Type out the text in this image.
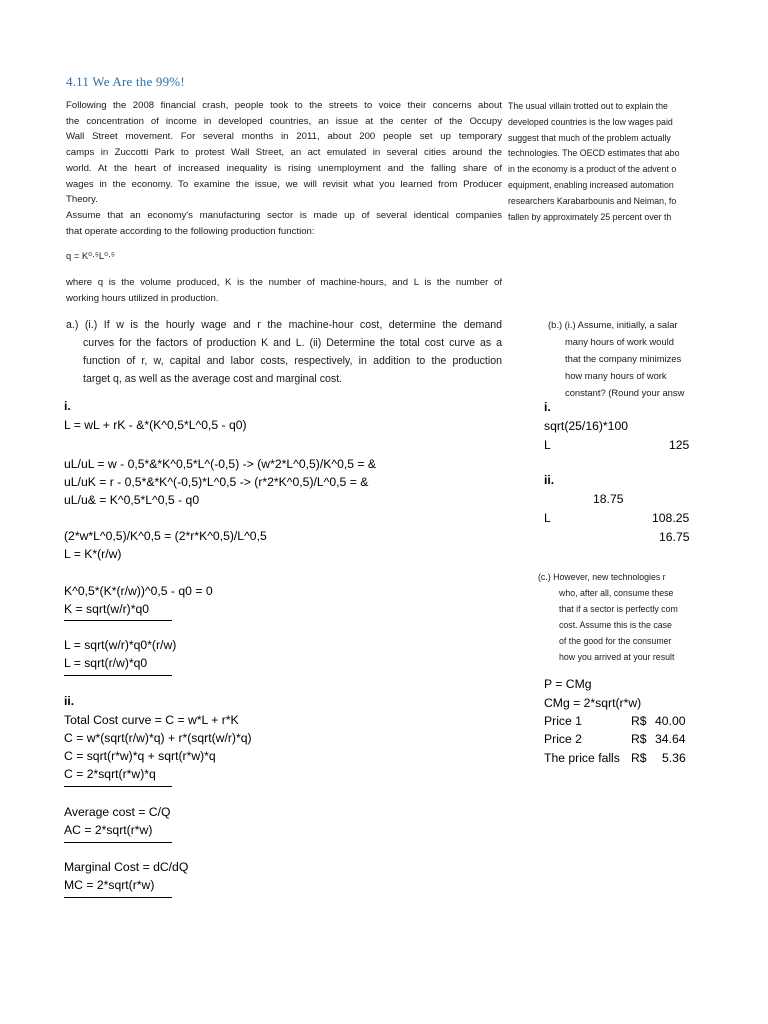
4.11 We Are the 99%!

Following the 2008 financial crash, people took to the streets to voice their concerns about

the concentration of income in developed countries, an issue at the center of the Occupy

Wall Street movement. For several months in 2011, about 200 people set up temporary

camps in Zuccotti Park to protest Wall Street, an act emulated in several cities around the

world. At the heart of increased inequality is rising unemployment and the falling share of

wages in the economy. To examine the issue, we will revisit what you learned from Producer

Theory.

Assume that an economy's manufacturing sector is made up of several identical companies

that operate according to the following production function:

The usual villain trotted out to explain the
developed countries is the low wages paid
suggest that much of the problem actually
technologies. The OECD estimates that abo
in the economy is a product of the advent o
equipment, enabling increased automation
researchers Karabarbounis and Neiman, fo
fallen by approximately 25 percent over th
q = K⁰·⁵L⁰·⁵

where q is the volume produced, K is the number of machine-hours, and L is the number of

working hours utilized in production.

a.) (i.) If w is the hourly wage and r the machine-hour cost, determine the demand
curves for the factors of production K and L. (ii) Determine the total cost curve as a
function of r, w, capital and labor costs, respectively, in addition to the production
target q, as well as the average cost and marginal cost.
(b.) (i.) Assume, initially, a salar
many hours of work would
that the company minimizes
how many hours of work
constant? (Round your answ
(c.) However, new technologies r
who, after all, consume these
that if a sector is perfectly com
cost. Assume this is the case
of the good for the consumer
how you arrived at your result
i.
L = wL + rK - &*(K^0,5*L^0,5 - q0)
uL/uL = w - 0,5*&*K^0,5*L^(-0,5) -> (w*2*L^0,5)/K^0,5 = &
uL/uK = r - 0,5*&*K^(-0,5)*L^0,5 -> (r*2*K^0,5)/L^0,5 = &
uL/u& = K^0,5*L^0,5 - q0
(2*w*L^0,5)/K^0,5 = (2*r*K^0,5)/L^0,5
L = K*(r/w)
K^0,5*(K*(r/w))^0,5 - q0 = 0
K = sqrt(w/r)*q0
L = sqrt(w/r)*q0*(r/w)
L = sqrt(r/w)*q0
ii.
Total Cost curve = C = w*L + r*K
C = w*(sqrt(r/w)*q) + r*(sqrt(w/r)*q)
C = sqrt(r*w)*q + sqrt(r*w)*q
C = 2*sqrt(r*w)*q
Average cost = C/Q
AC = 2*sqrt(r*w)
Marginal Cost = dC/dQ
MC = 2*sqrt(r*w)
i.
sqrt(25/16)*100
L	125
ii.
18.75
L	108.25
16.75
P = CMg
CMg = 2*sqrt(r*w)
Price 1	R$ 40.00
Price 2	R$ 34.64
The price falls R$ 5.36
